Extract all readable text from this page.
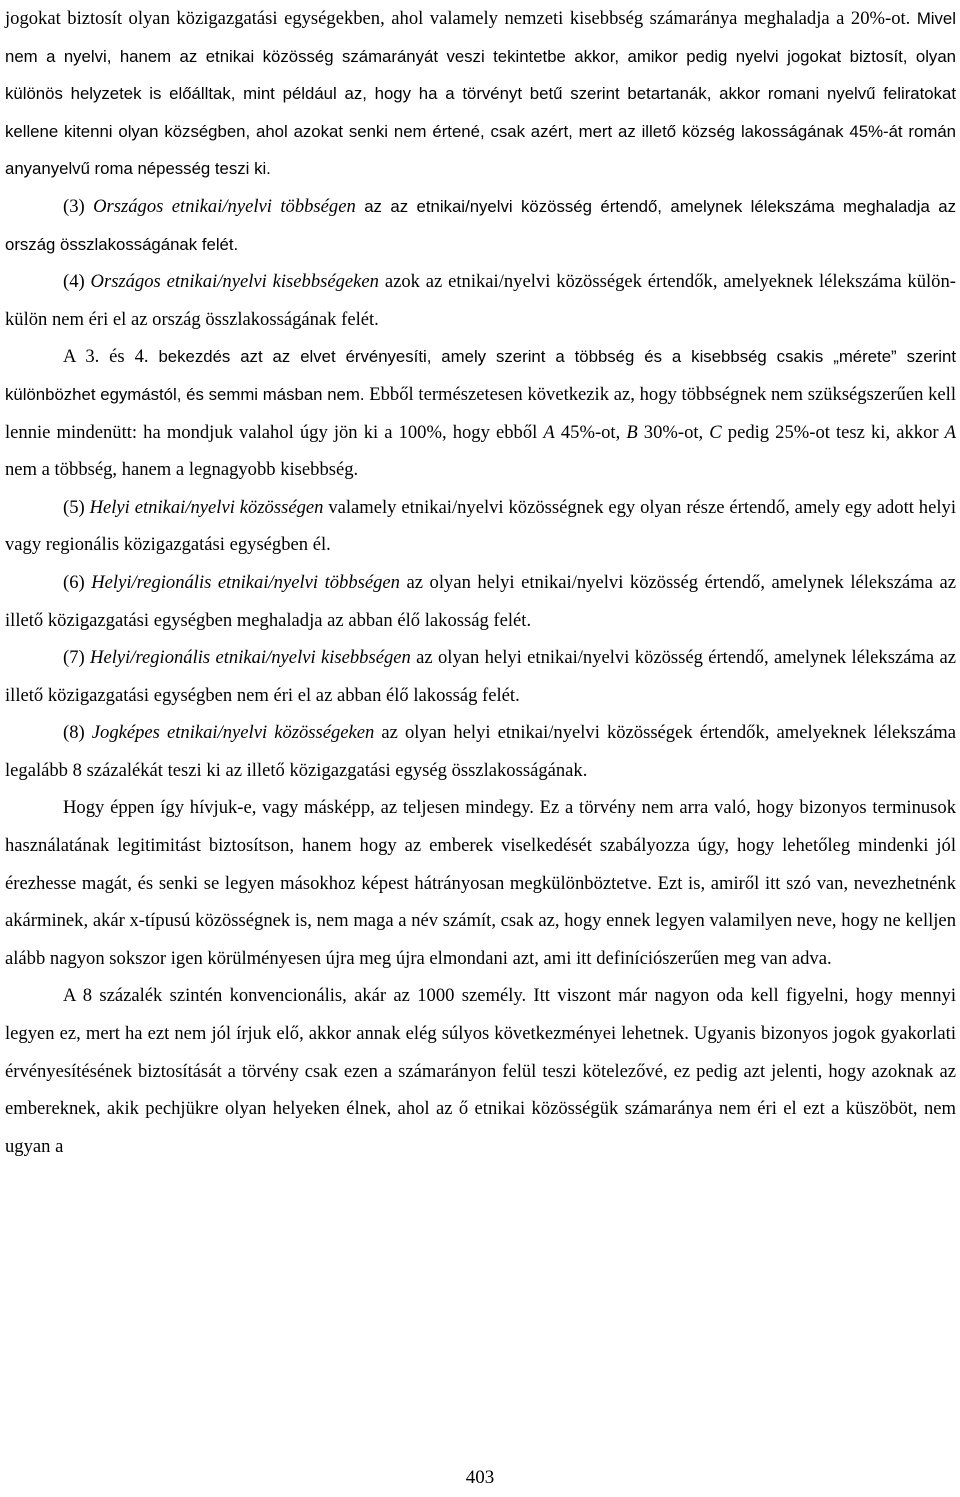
jogokat biztosít olyan közigazgatási egységekben, ahol valamely nemzeti kisebbség számaránya meghaladja a 20%-ot. Mivel nem a nyelvi, hanem az etnikai közösség számarányát veszi tekintetbe akkor, amikor pedig nyelvi jogokat biztosít, olyan különös helyzetek is előálltak, mint például az, hogy ha a törvényt betű szerint betartanák, akkor romani nyelvű feliratokat kellene kitenni olyan községben, ahol azokat senki nem értené, csak azért, mert az illető község lakosságának 45%-át román anyanyelvű roma népesség teszi ki.

(3) Országos etnikai/nyelvi többségen az az etnikai/nyelvi közösség értendő, amelynek lélekszáma meghaladja az ország összlakosságának felét.

(4) Országos etnikai/nyelvi kisebbségeken azok az etnikai/nyelvi közösségek értendők, amelyeknek lélekszáma külön-külön nem éri el az ország összlakosságának felét.

A 3. és 4. bekezdés azt az elvet érvényesíti, amely szerint a többség és a kisebbség csakis „mérete” szerint különbözhet egymástól, és semmi másban nem. Ebből természetesen következik az, hogy többségnek nem szükségszerűen kell lennie mindenütt: ha mondjuk valahol úgy jön ki a 100%, hogy ebből A 45%-ot, B 30%-ot, C pedig 25%-ot tesz ki, akkor A nem a többség, hanem a legnagyobb kisebbség.

(5) Helyi etnikai/nyelvi közösségen valamely etnikai/nyelvi közösségnek egy olyan része értendő, amely egy adott helyi vagy regionális közigazgatási egységben él.

(6) Helyi/regionális etnikai/nyelvi többségen az olyan helyi etnikai/nyelvi közösség értendő, amelynek lélekszáma az illető közigazgatási egységben meghaladja az abban élő lakosság felét.

(7) Helyi/regionális etnikai/nyelvi kisebbségen az olyan helyi etnikai/nyelvi közösség értendő, amelynek lélekszáma az illető közigazgatási egységben nem éri el az abban élő lakosság felét.

(8) Jogképes etnikai/nyelvi közösségeken az olyan helyi etnikai/nyelvi közösségek értendők, amelyeknek lélekszáma legalább 8 százalékát teszi ki az illető közigazgatási egység összlakosságának.

Hogy éppen így hívjuk-e, vagy másképp, az teljesen mindegy. Ez a törvény nem arra való, hogy bizonyos terminusok használatának legitimitást biztosítson, hanem hogy az emberek viselkedését szabályozza úgy, hogy lehetőleg mindenki jól érezhesse magát, és senki se legyen másokhoz képest hátrányosan megkülönböztetve. Ezt is, amiről itt szó van, nevezhetnénk akárminek, akár x-típusú közösségnek is, nem maga a név számít, csak az, hogy ennek legyen valamilyen neve, hogy ne kelljen alább nagyon sokszor igen körülményesen újra meg újra elmondani azt, ami itt definíciószerűen meg van adva.

A 8 százalék szintén konvencionális, akár az 1000 személy. Itt viszont már nagyon oda kell figyelni, hogy mennyi legyen ez, mert ha ezt nem jól írjuk elő, akkor annak elég súlyos következményei lehetnek. Ugyanis bizonyos jogok gyakorlati érvényesítésének biztosítását a törvény csak ezen a számarányon felül teszi kötelezővé, ez pedig azt jelenti, hogy azoknak az embereknek, akik pechjükre olyan helyeken élnek, ahol az ő etnikai közösségük számaránya nem éri el ezt a küszöböt, nem ugyan a

403
